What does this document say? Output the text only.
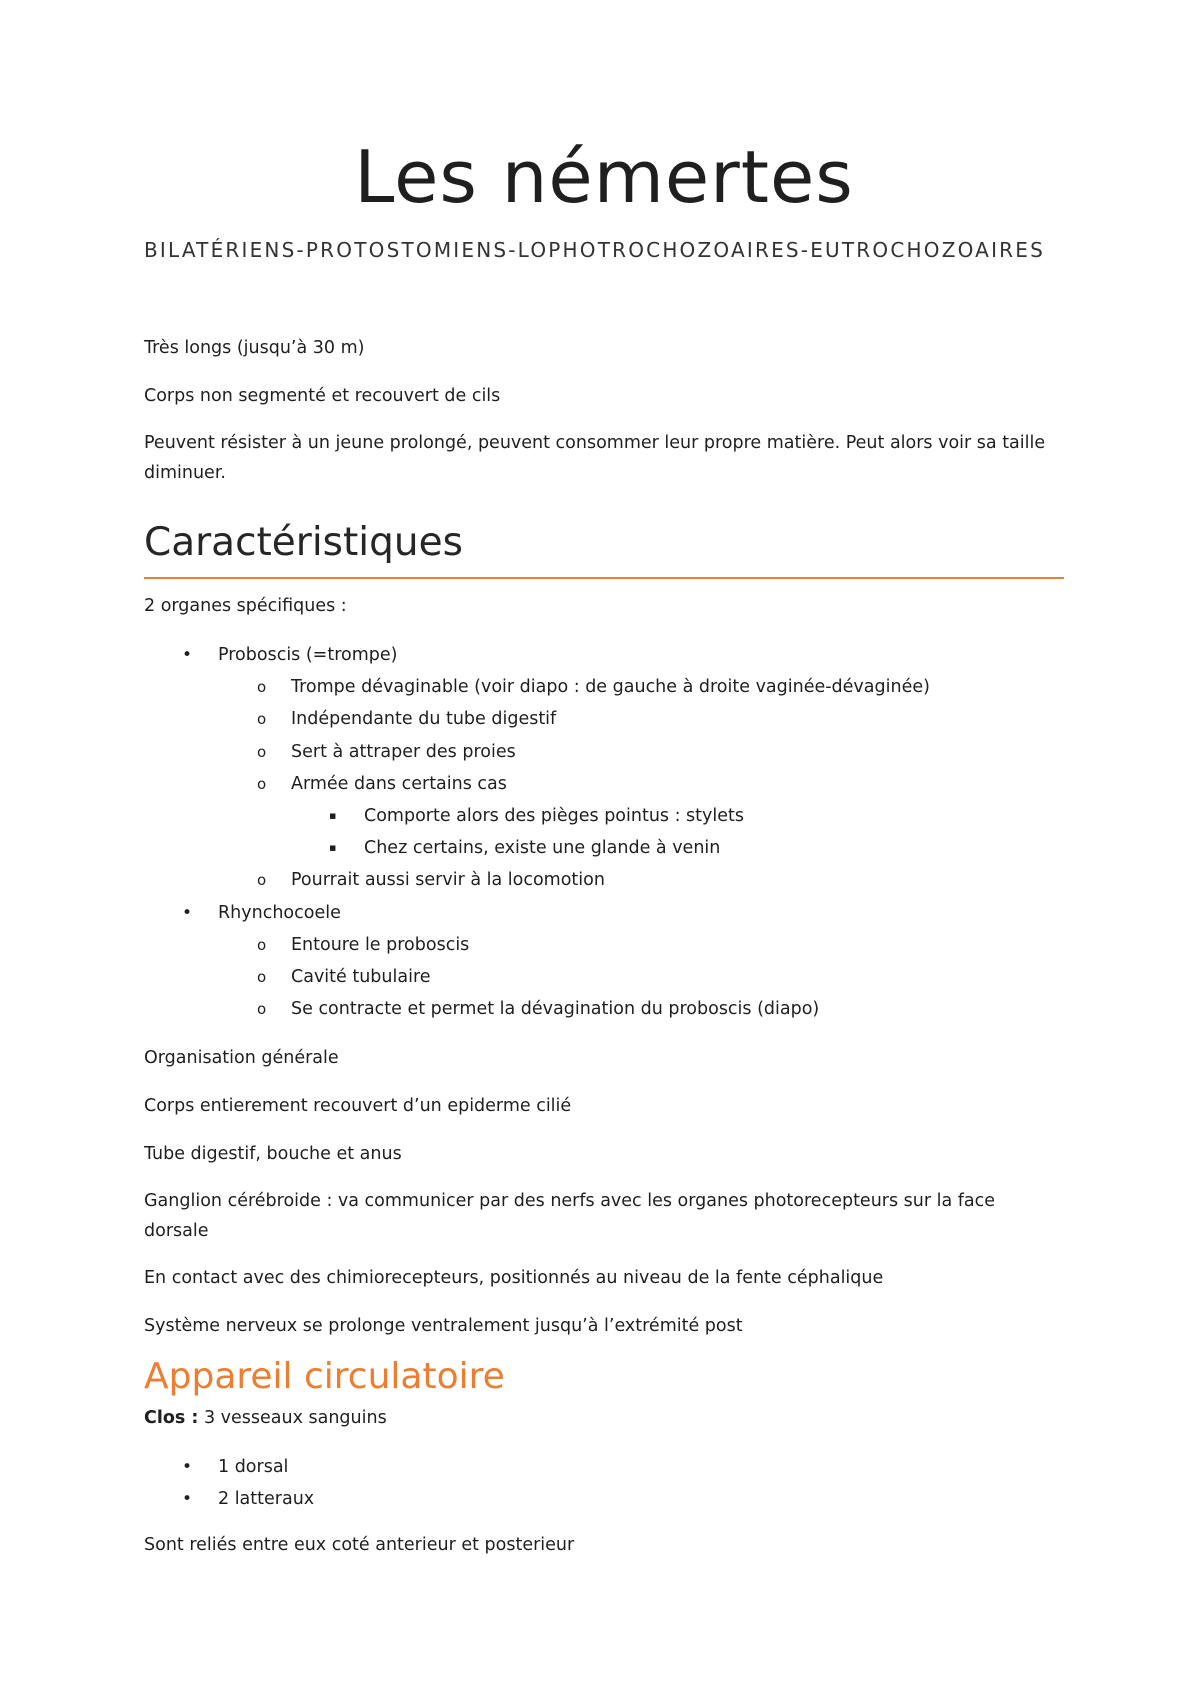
Les némertes
BILATÉRIENS-PROTOSTOMIENS-LOPHOTROCHOZOAIRES-EUTROCHOZOAIRES

Très longs (jusqu’à 30 m)

Corps non segmenté et recouvert de cils

Peuvent résister à un jeune prolongé, peuvent consommer leur propre matière. Peut alors voir sa taille diminuer.

Caractéristiques

2 organes spécifiques :

• Proboscis (=trompe)
o Trompe dévaginable (voir diapo : de gauche à droite vaginée-dévaginée)
o Indépendante du tube digestif
o Sert à attraper des proies
o Armée dans certains cas
▪ Comporte alors des pièges pointus : stylets
▪ Chez certains, existe une glande à venin
o Pourrait aussi servir à la locomotion
• Rhynchocoele
o Entoure le proboscis
o Cavité tubulaire
o Se contracte et permet la dévagination du proboscis (diapo)

Organisation générale

Corps entierement recouvert d’un epiderme cilié

Tube digestif, bouche et anus

Ganglion cérébroide : va communicer par des nerfs avec les organes photorecepteurs sur la face dorsale

En contact avec des chimiorecepteurs, positionnés au niveau de la fente céphalique

Système nerveux se prolonge ventralement jusqu’à l’extrémité post

Appareil circulatoire

Clos : 3 vesseaux sanguins

• 1 dorsal
• 2 latteraux

Sont reliés entre eux coté anterieur et posterieur
